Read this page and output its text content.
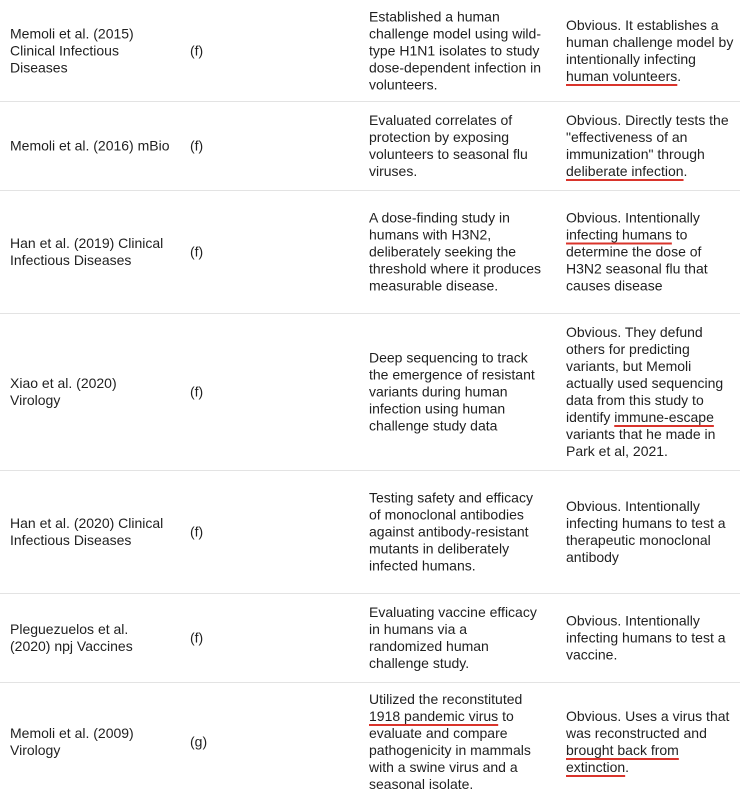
Memoli et al. (2015) Clinical Infectious Diseases
(f)
Established a human challenge model using wild-type H1N1 isolates to study dose-dependent infection in volunteers.
Obvious. It establishes a human challenge model by intentionally infecting human volunteers.
Memoli et al. (2016) mBio (f)
Evaluated correlates of protection by exposing volunteers to seasonal flu viruses.
Obvious. Directly tests the "effectiveness of an immunization" through deliberate infection.
Han et al. (2019) Clinical Infectious Diseases
(f)
A dose-finding study in humans with H3N2, deliberately seeking the threshold where it produces measurable disease.
Obvious. Intentionally infecting humans to determine the dose of H3N2 seasonal flu that causes disease
Xiao et al. (2020) Virology
(f)
Deep sequencing to track the emergence of resistant variants during human infection using human challenge study data
Obvious. They defund others for predicting variants, but Memoli actually used sequencing data from this study to identify immune-escape variants that he made in Park et al, 2021.
Han et al. (2020) Clinical Infectious Diseases
(f)
Testing safety and efficacy of monoclonal antibodies against antibody-resistant mutants in deliberately infected humans.
Obvious. Intentionally infecting humans to test a therapeutic monoclonal antibody
Pleguezuelos et al. (2020) npj Vaccines
(f)
Evaluating vaccine efficacy in humans via a randomized human challenge study.
Obvious. Intentionally infecting humans to test a vaccine.
Memoli et al. (2009) Virology
(g)
Utilized the reconstituted 1918 pandemic virus to evaluate and compare pathogenicity in mammals with a swine virus and a seasonal isolate.
Obvious. Uses a virus that was reconstructed and brought back from extinction.
